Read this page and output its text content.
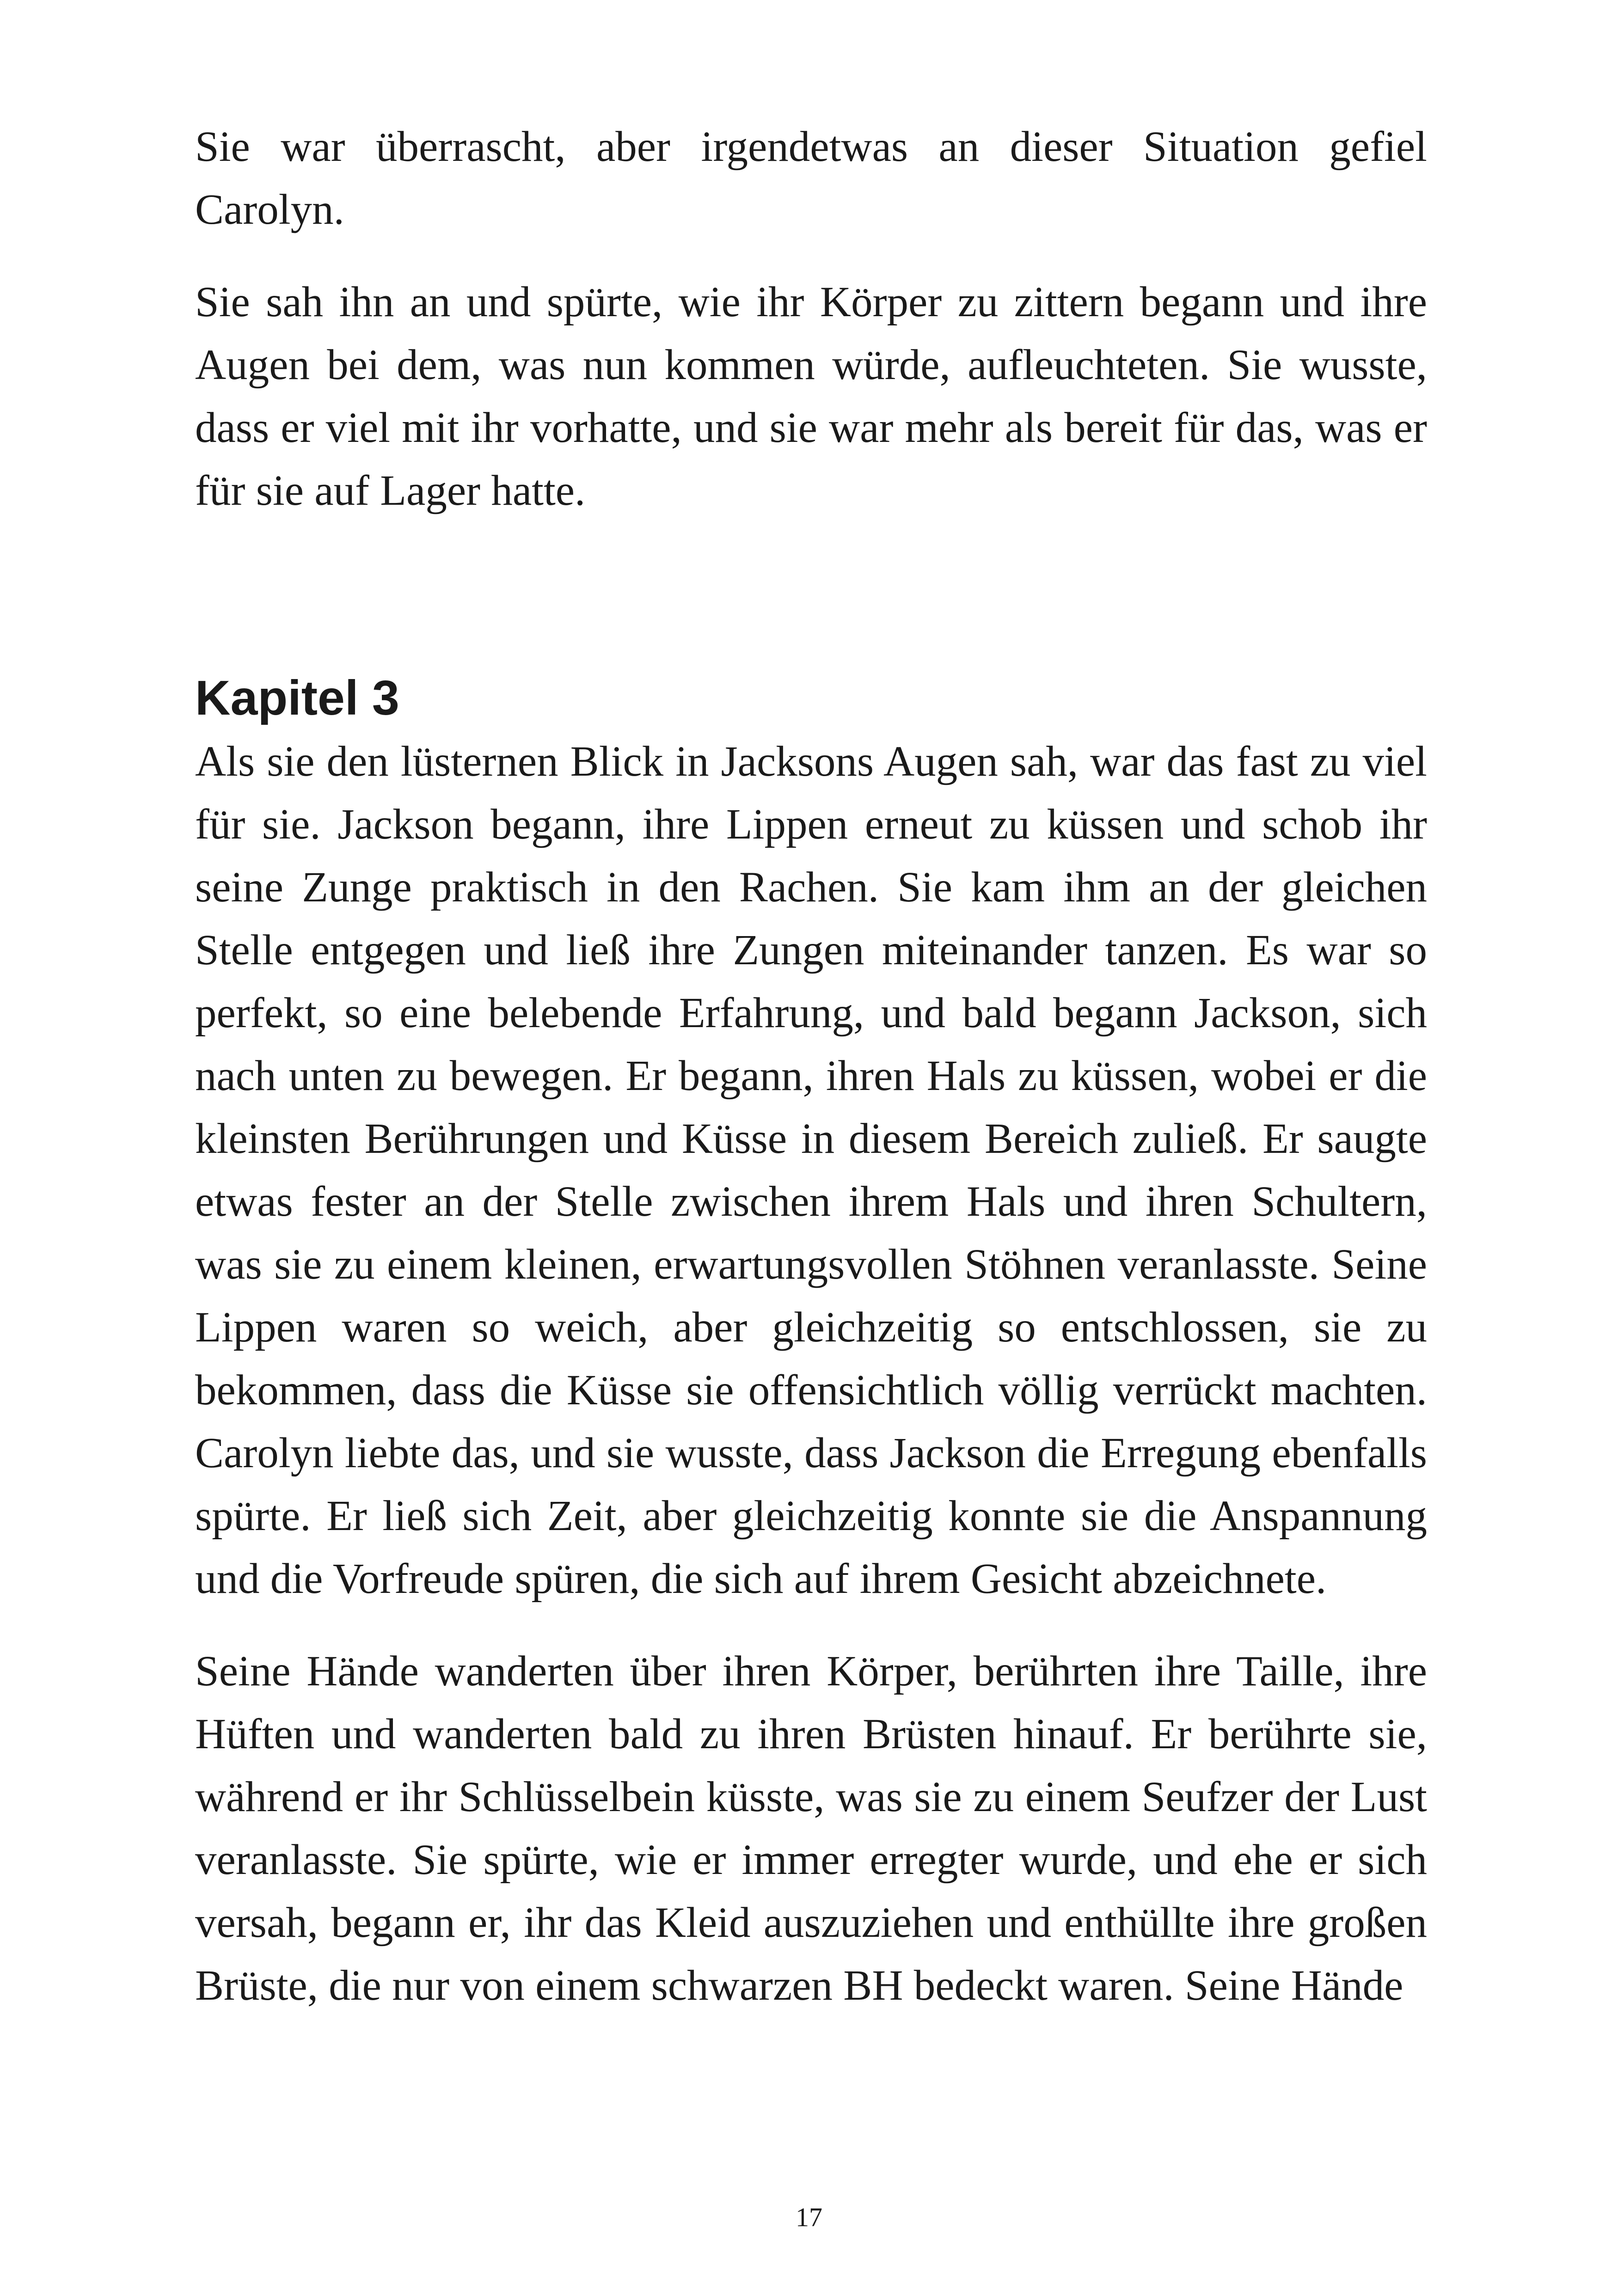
Sie war überrascht, aber irgendetwas an dieser Situation gefiel Carolyn.

Sie sah ihn an und spürte, wie ihr Körper zu zittern begann und ihre Augen bei dem, was nun kommen würde, aufleuchteten. Sie wusste, dass er viel mit ihr vorhatte, und sie war mehr als bereit für das, was er für sie auf Lager hatte.

Kapitel 3

Als sie den lüsternen Blick in Jacksons Augen sah, war das fast zu viel für sie. Jackson begann, ihre Lippen erneut zu küssen und schob ihr seine Zunge praktisch in den Rachen. Sie kam ihm an der gleichen Stelle entgegen und ließ ihre Zungen miteinander tanzen. Es war so perfekt, so eine belebende Erfahrung, und bald begann Jackson, sich nach unten zu bewegen. Er begann, ihren Hals zu küssen, wobei er die kleinsten Berührungen und Küsse in diesem Bereich zuließ. Er saugte etwas fester an der Stelle zwischen ihrem Hals und ihren Schultern, was sie zu einem kleinen, erwartungsvollen Stöhnen veranlasste. Seine Lippen waren so weich, aber gleichzeitig so entschlossen, sie zu bekommen, dass die Küsse sie offensichtlich völlig verrückt machten. Carolyn liebte das, und sie wusste, dass Jackson die Erregung ebenfalls spürte. Er ließ sich Zeit, aber gleichzeitig konnte sie die Anspannung und die Vorfreude spüren, die sich auf ihrem Gesicht abzeichnete.

Seine Hände wanderten über ihren Körper, berührten ihre Taille, ihre Hüften und wanderten bald zu ihren Brüsten hinauf. Er berührte sie, während er ihr Schlüsselbein küsste, was sie zu einem Seufzer der Lust veranlasste. Sie spürte, wie er immer erregter wurde, und ehe er sich versah, begann er, ihr das Kleid auszuziehen und enthüllte ihre großen Brüste, die nur von einem schwarzen BH bedeckt waren. Seine Hände

17
